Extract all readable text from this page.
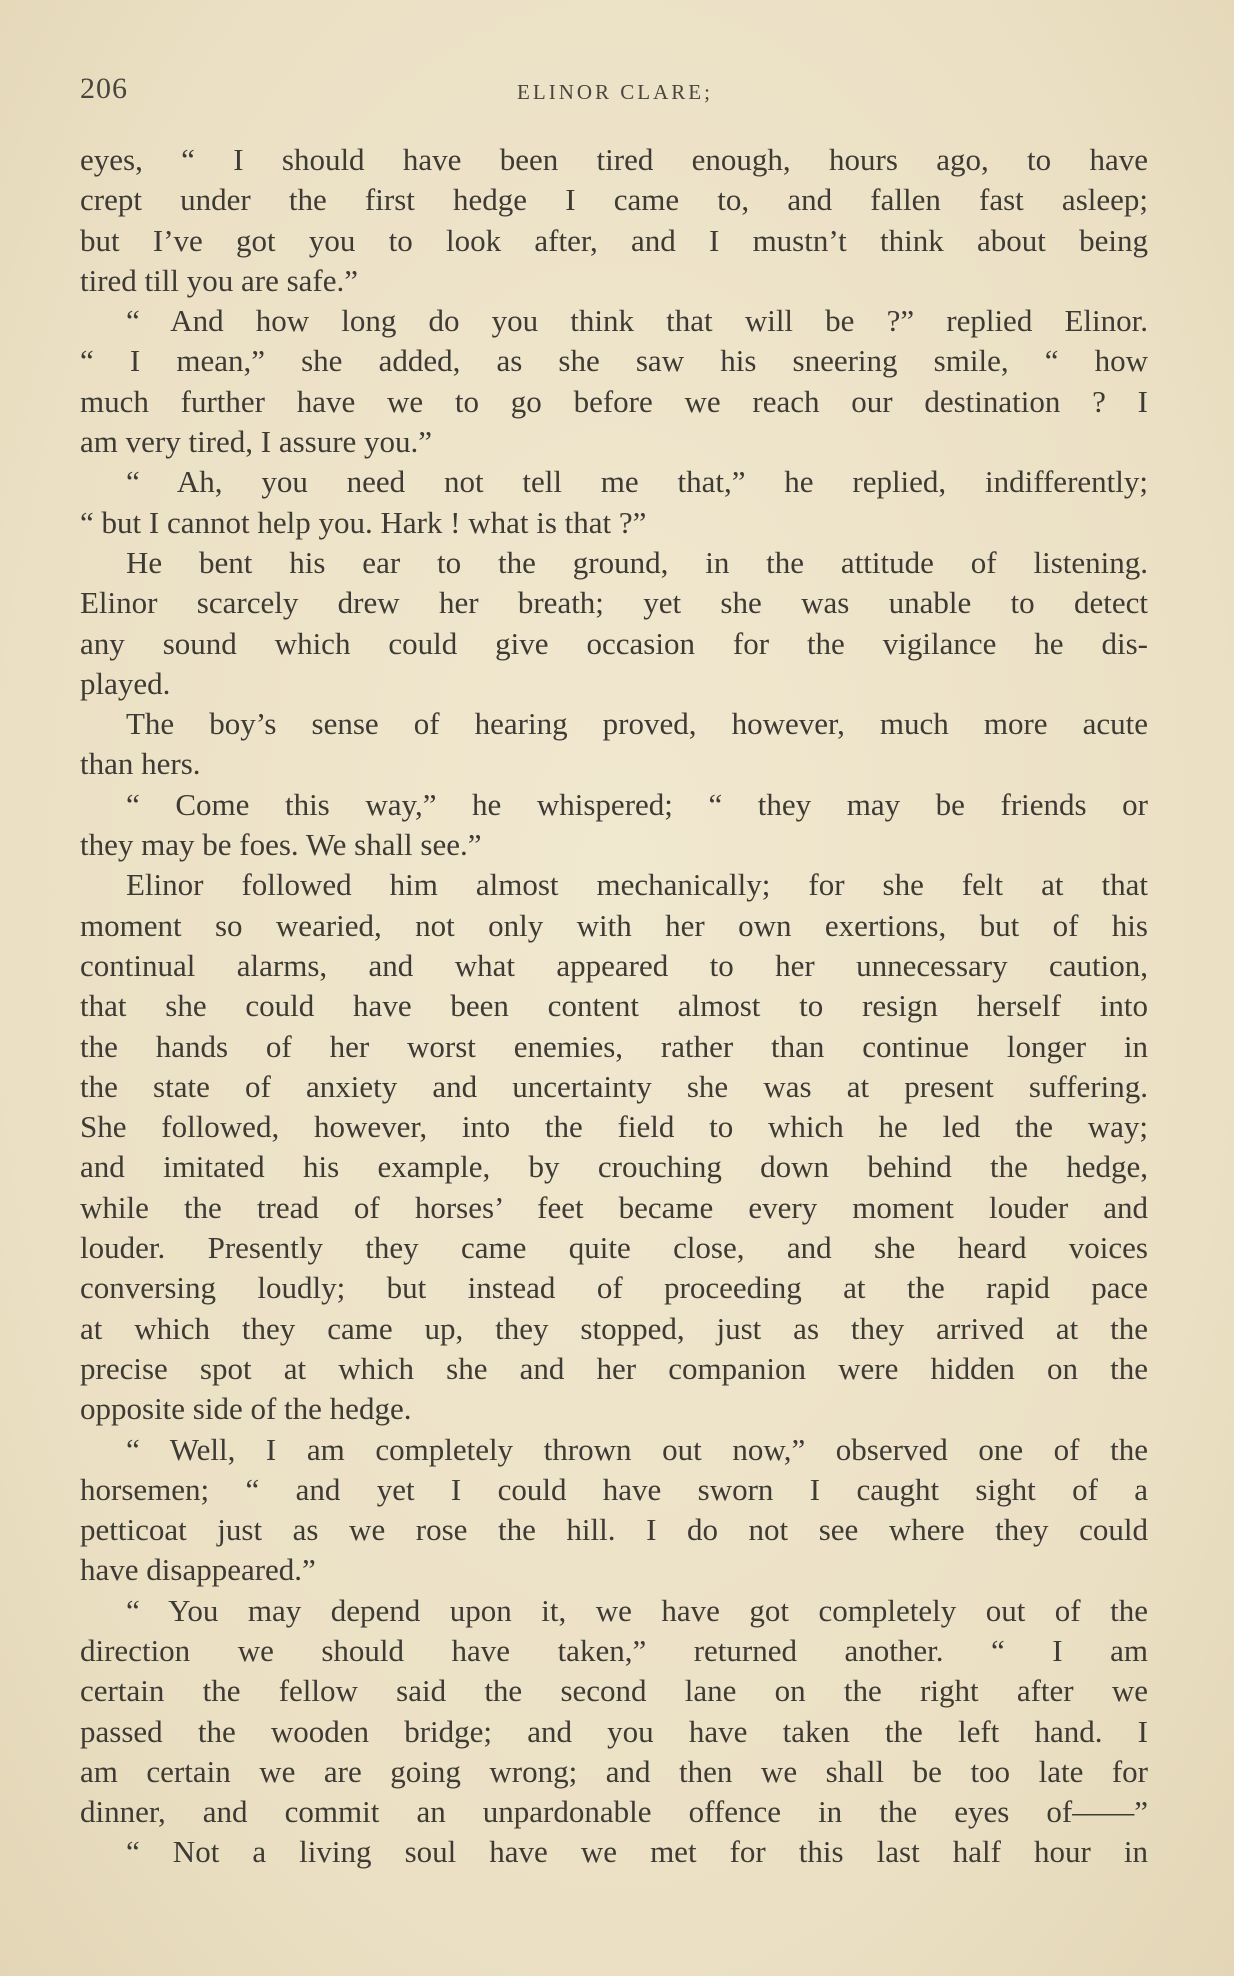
206	ELINOR CLARE;
eyes, “ I should have been tired enough, hours ago, to have
crept under the first hedge I came to, and fallen fast asleep;
but I’ve got you to look after, and I mustn’t think about being
tired till you are safe.”
“ And how long do you think that will be ?” replied Elinor.
“ I mean,” she added, as she saw his sneering smile, “ how
much further have we to go before we reach our destination ? I
am very tired, I assure you.”
“ Ah, you need not tell me that,” he replied, indifferently;
“ but I cannot help you. Hark ! what is that ?”
He bent his ear to the ground, in the attitude of listening.
Elinor scarcely drew her breath; yet she was unable to detect
any sound which could give occasion for the vigilance he dis-
played.
The boy’s sense of hearing proved, however, much more acute
than hers.
“ Come this way,” he whispered; “ they may be friends or
they may be foes. We shall see.”
Elinor followed him almost mechanically; for she felt at that
moment so wearied, not only with her own exertions, but of his
continual alarms, and what appeared to her unnecessary caution,
that she could have been content almost to resign herself into
the hands of her worst enemies, rather than continue longer in
the state of anxiety and uncertainty she was at present suffering.
She followed, however, into the field to which he led the way;
and imitated his example, by crouching down behind the hedge,
while the tread of horses’ feet became every moment louder and
louder. Presently they came quite close, and she heard voices
conversing loudly; but instead of proceeding at the rapid pace
at which they came up, they stopped, just as they arrived at the
precise spot at which she and her companion were hidden on the
opposite side of the hedge.
“ Well, I am completely thrown out now,” observed one of the
horsemen; “ and yet I could have sworn I caught sight of a
petticoat just as we rose the hill. I do not see where they could
have disappeared.”
“ You may depend upon it, we have got completely out of the
direction we should have taken,” returned another. “ I am
certain the fellow said the second lane on the right after we
passed the wooden bridge; and you have taken the left hand. I
am certain we are going wrong; and then we shall be too late for
dinner, and commit an unpardonable offence in the eyes of——”
“ Not a living soul have we met for this last half hour in
